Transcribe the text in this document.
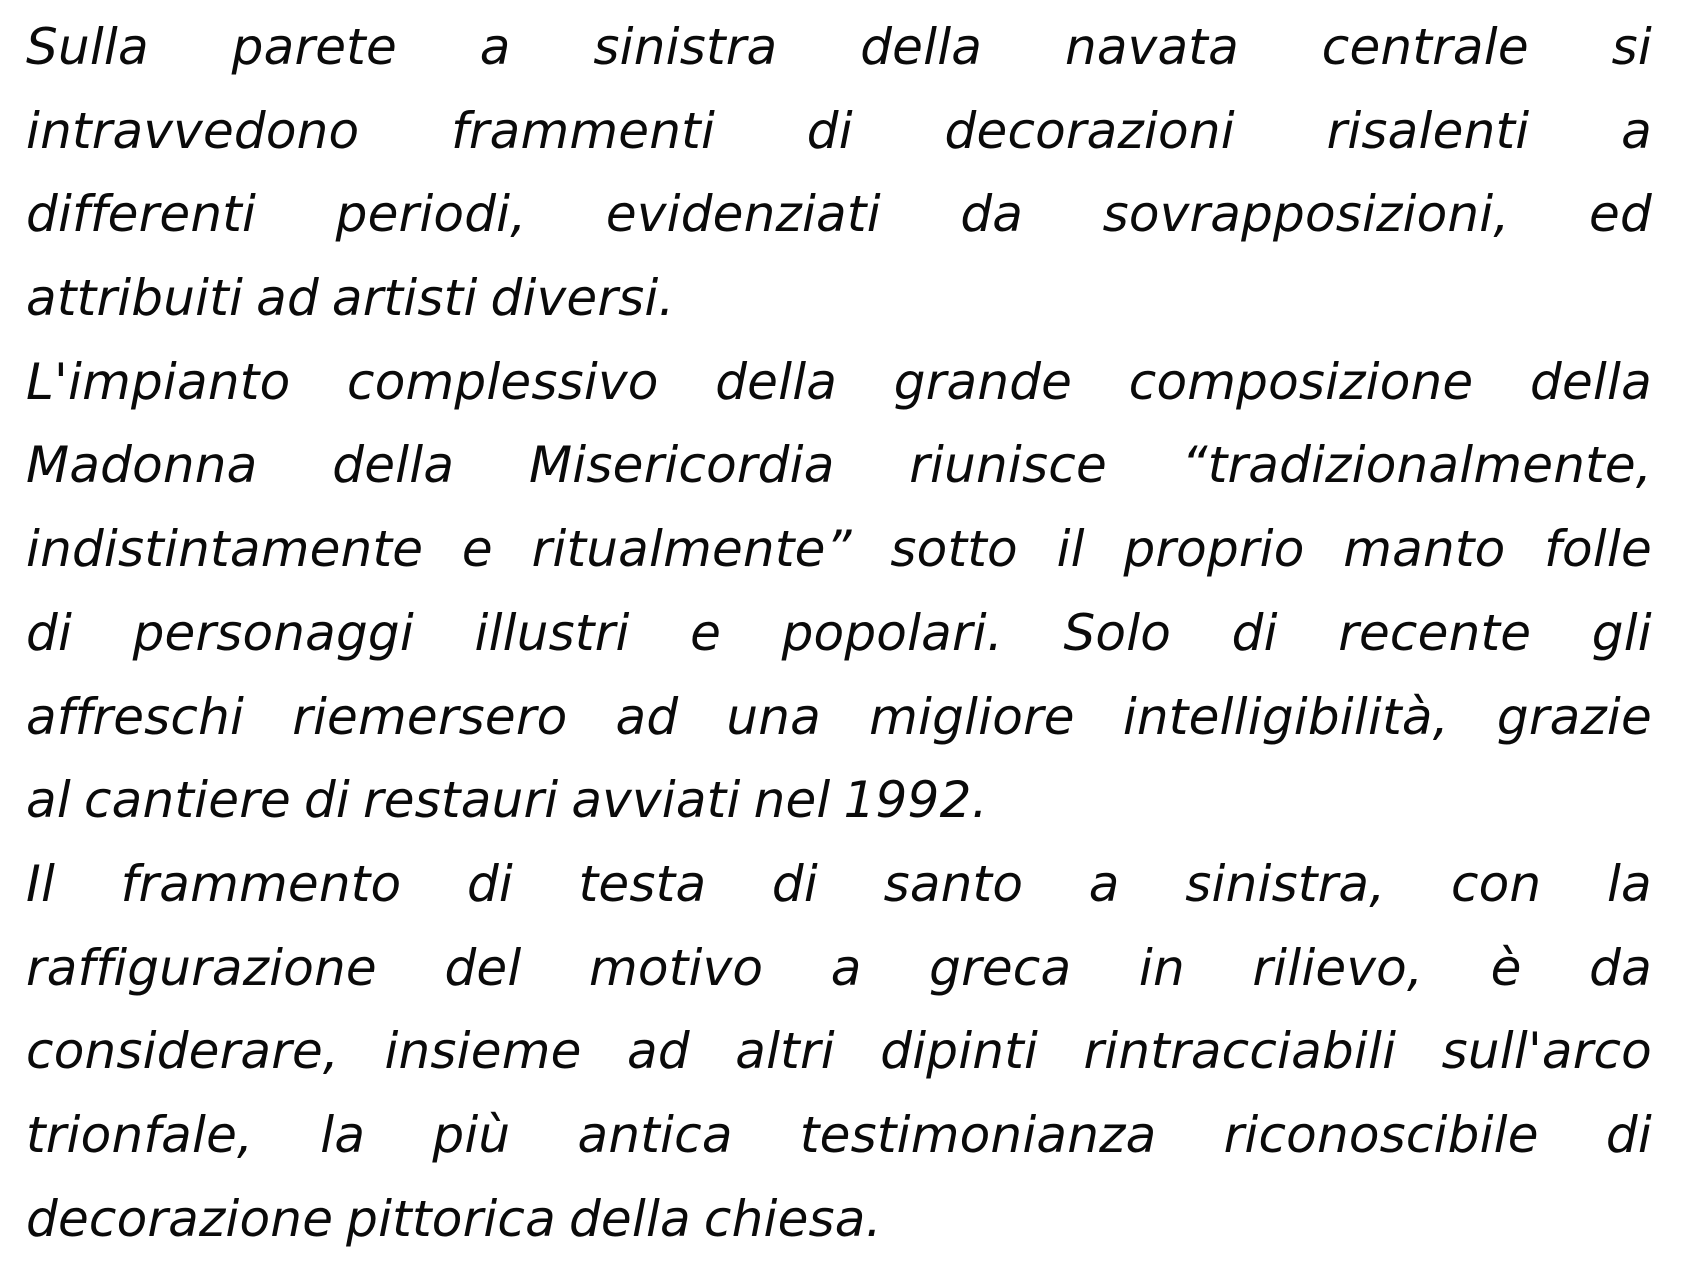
Sulla parete a sinistra della navata centrale si
intravvedono frammenti di decorazioni risalenti a
differenti periodi, evidenziati da sovrapposizioni, ed
attribuiti ad artisti diversi.
L'impianto complessivo della grande composizione della
Madonna della Misericordia riunisce “tradizionalmente,
indistintamente e ritualmente” sotto il proprio manto folle
di personaggi illustri e popolari. Solo di recente gli
affreschi riemersero ad una migliore intelligibilità, grazie
al cantiere di restauri avviati nel 1992.
Il frammento di testa di santo a sinistra, con la
raffigurazione del motivo a greca in rilievo, è da
considerare, insieme ad altri dipinti rintracciabili sull'arco
trionfale, la più antica testimonianza riconoscibile di
decorazione pittorica della chiesa.
